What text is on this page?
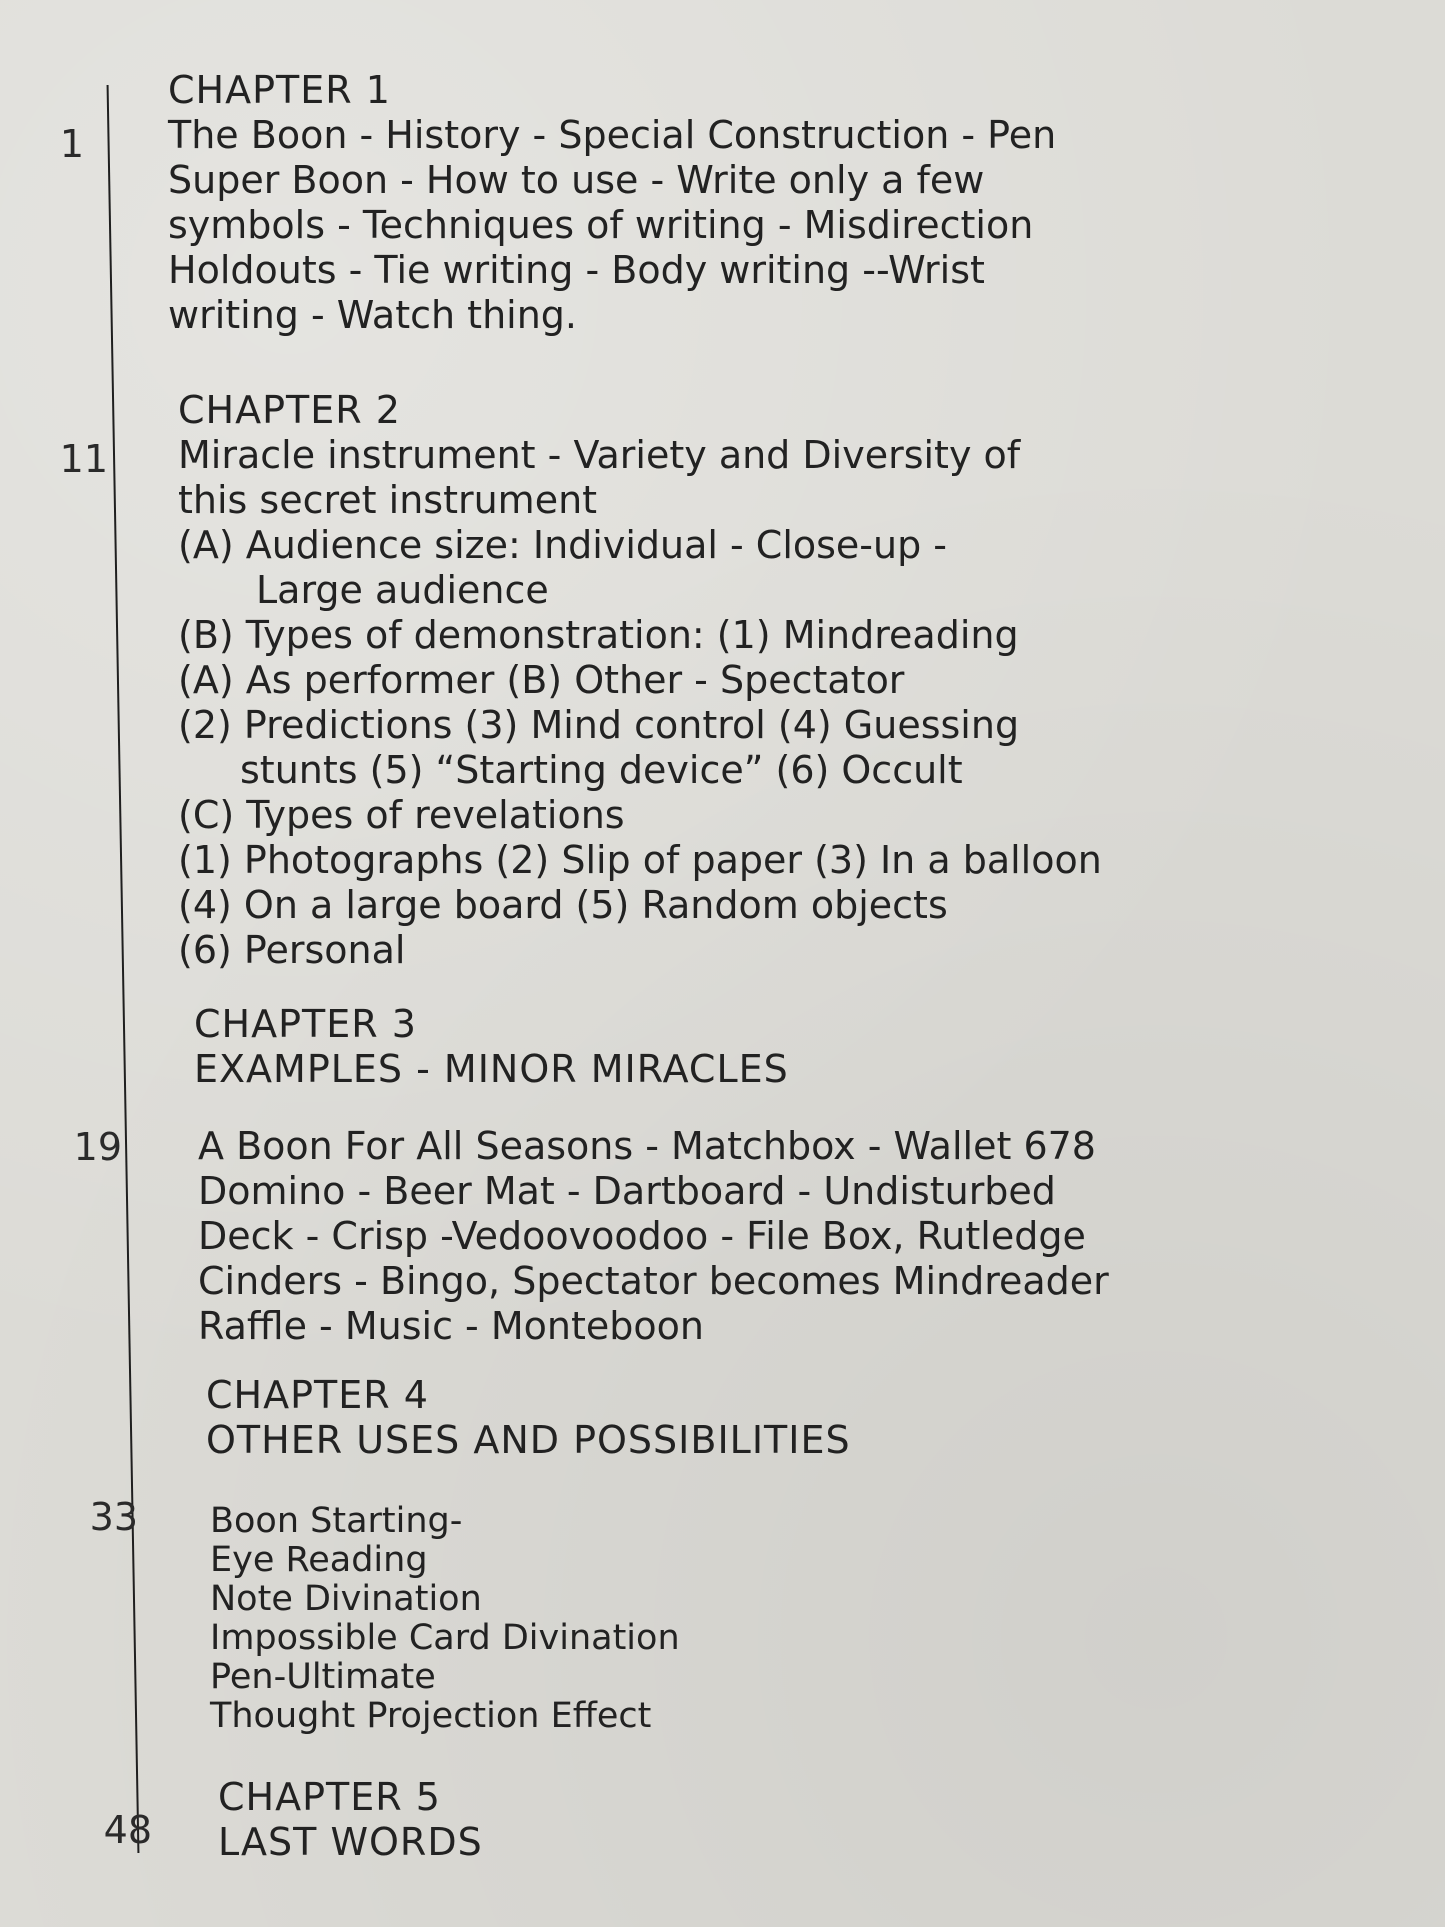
1
11
19
33
48
CHAPTER 1
The Boon - History - Special Construction - Pen
Super Boon - How to use - Write only a few
symbols - Techniques of writing - Misdirection
Holdouts - Tie writing - Body writing --Wrist
writing - Watch thing.
CHAPTER 2
Miracle instrument - Variety and Diversity of
this secret instrument
(A) Audience size: Individual - Close-up -
Large audience
(B) Types of demonstration: (1) Mindreading
(A) As performer (B) Other - Spectator
(2) Predictions (3) Mind control (4) Guessing
stunts (5) “Starting device” (6) Occult
(C) Types of revelations
(1) Photographs (2) Slip of paper (3) In a balloon
(4) On a large board (5) Random objects
(6) Personal
CHAPTER 3
EXAMPLES - MINOR MIRACLES
A Boon For All Seasons - Matchbox - Wallet 678
Domino - Beer Mat - Dartboard - Undisturbed
Deck - Crisp -Vedoovoodoo - File Box, Rutledge
Cinders - Bingo, Spectator becomes Mindreader
Raffle - Music - Monteboon
CHAPTER 4
OTHER USES AND POSSIBILITIES
Boon Starting-
Eye Reading
Note Divination
Impossible Card Divination
Pen-Ultimate
Thought Projection Effect
CHAPTER 5
LAST WORDS
